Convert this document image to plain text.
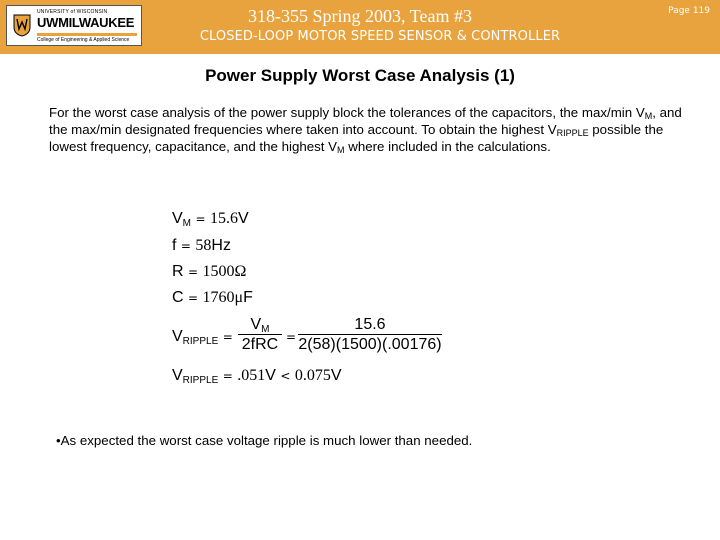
UNIVERSITY of WISCONSIN
UWMILWAUKEE
College of Engineering & Applied Science
318-355 Spring 2003, Team #3
CLOSED-LOOP MOTOR SPEED SENSOR & CONTROLLER
Page 119
Power Supply Worst Case Analysis (1)
For the worst case analysis of the power supply block the tolerances of the capacitors, the max/min $V_M$, and the max/min designated frequencies where taken into account. To obtain the highest $V_{RIPPLE}$ possible the lowest frequency, capacitance, and the highest $V_M$ where included in the calculations.
$V_M = 15.6V$
f = 58Hz
R = 1500Ω
C = 1760μF
$V_{RIPPLE}$ =
$V_M$
$2fRC = \frac{15.6}{2(58)(1500)(.00176)}$
$V_{RIPPLE} = .051V < 0.075V$
•As expected the worst case voltage ripple is much lower than needed.
